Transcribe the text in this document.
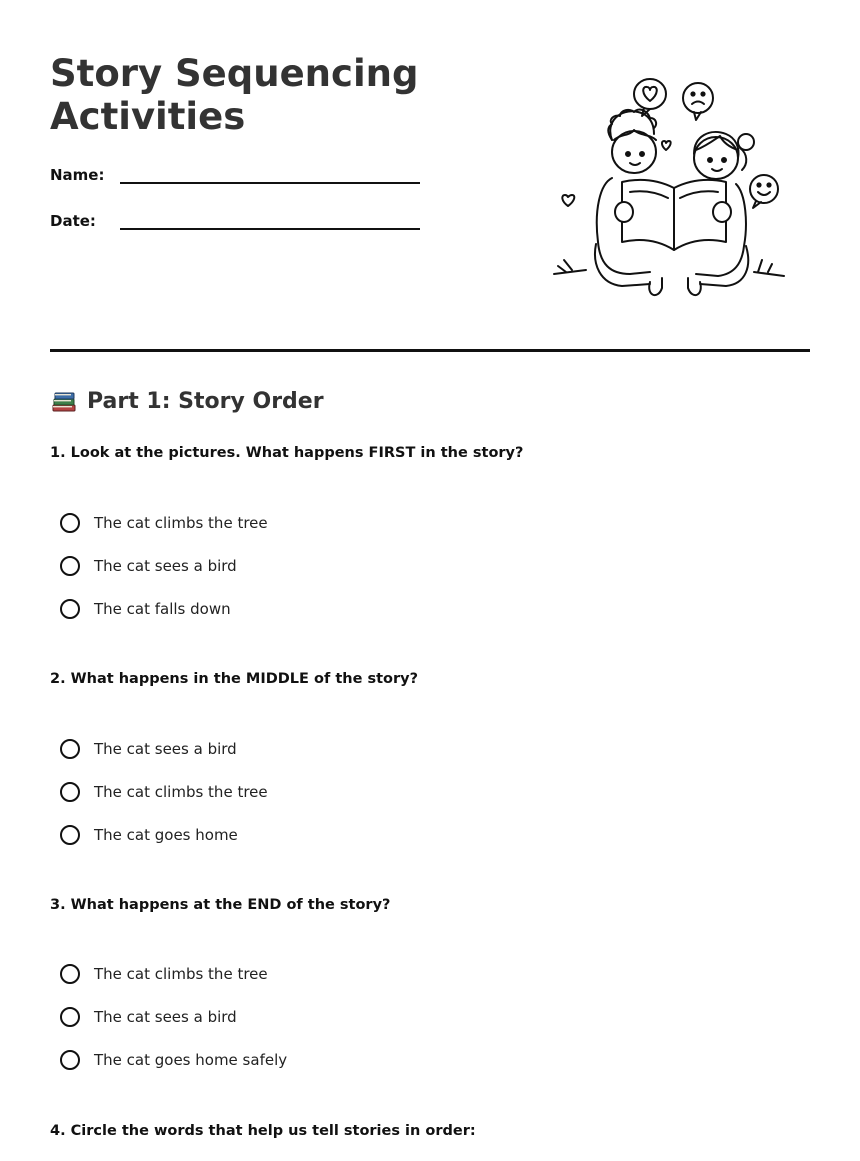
Story Sequencing
Activities
Name:
Date:
Part 1: Story Order

1. Look at the pictures. What happens FIRST in the story?

The cat climbs the tree
The cat sees a bird
The cat falls down

2. What happens in the MIDDLE of the story?

The cat sees a bird
The cat climbs the tree
The cat goes home

3. What happens at the END of the story?

The cat climbs the tree
The cat sees a bird
The cat goes home safely

4. Circle the words that help us tell stories in order:
